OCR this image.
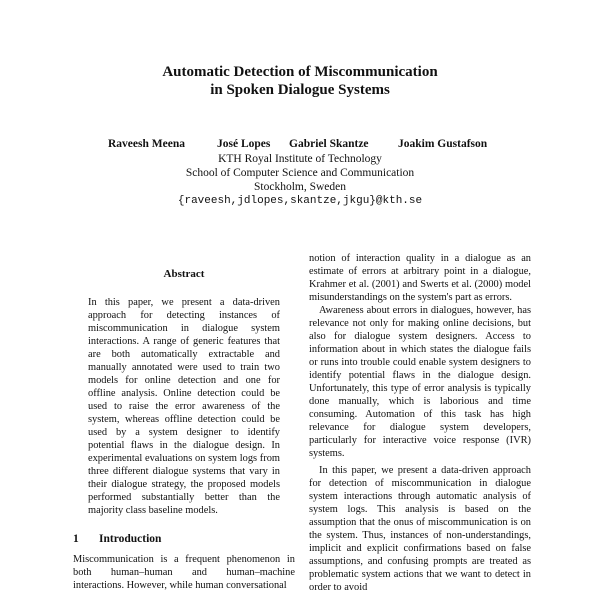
Automatic Detection of Miscommunication
in Spoken Dialogue Systems
Raveesh Meena	José Lopes Gabriel Skantze	Joakim Gustafson
KTH Royal Institute of Technology
School of Computer Science and Communication
Stockholm, Sweden
{raveesh,jdlopes,skantze,jkgu}@kth.se
Abstract

In this paper, we present a data-driven approach for detecting instances of miscommunication in dialogue system interactions. A range of generic features that are both automatically extractable and manually annotated were used to train two models for online detection and one for offline analysis. Online detection could be used to raise the error awareness of the system, whereas offline detection could be used by a system designer to identify potential flaws in the dialogue design. In experimental evaluations on system logs from three different dialogue systems that vary in their dialogue strategy, the proposed models performed substantially better than the majority class baseline models.

1 Introduction

Miscommunication is a frequent phenomenon in both human–human and human–machine interactions. However, while human conversational

notion of interaction quality in a dialogue as an estimate of errors at arbitrary point in a dialogue, Krahmer et al. (2001) and Swerts et al. (2000) model misunderstandings on the system's part as errors.

Awareness about errors in dialogues, however, has relevance not only for making online decisions, but also for dialogue system designers. Access to information about in which states the dialogue fails or runs into trouble could enable system designers to identify potential flaws in the dialogue design. Unfortunately, this type of error analysis is typically done manually, which is laborious and time consuming. Automation of this task has high relevance for dialogue system developers, particularly for interactive voice response (IVR) systems.

In this paper, we present a data-driven approach for detection of miscommunication in dialogue system interactions through automatic analysis of system logs. This analysis is based on the assumption that the onus of miscommunication is on the system. Thus, instances of non-understandings, implicit and explicit confirmations based on false assumptions, and confusing prompts are treated as problematic system actions that we want to detect in order to avoid
